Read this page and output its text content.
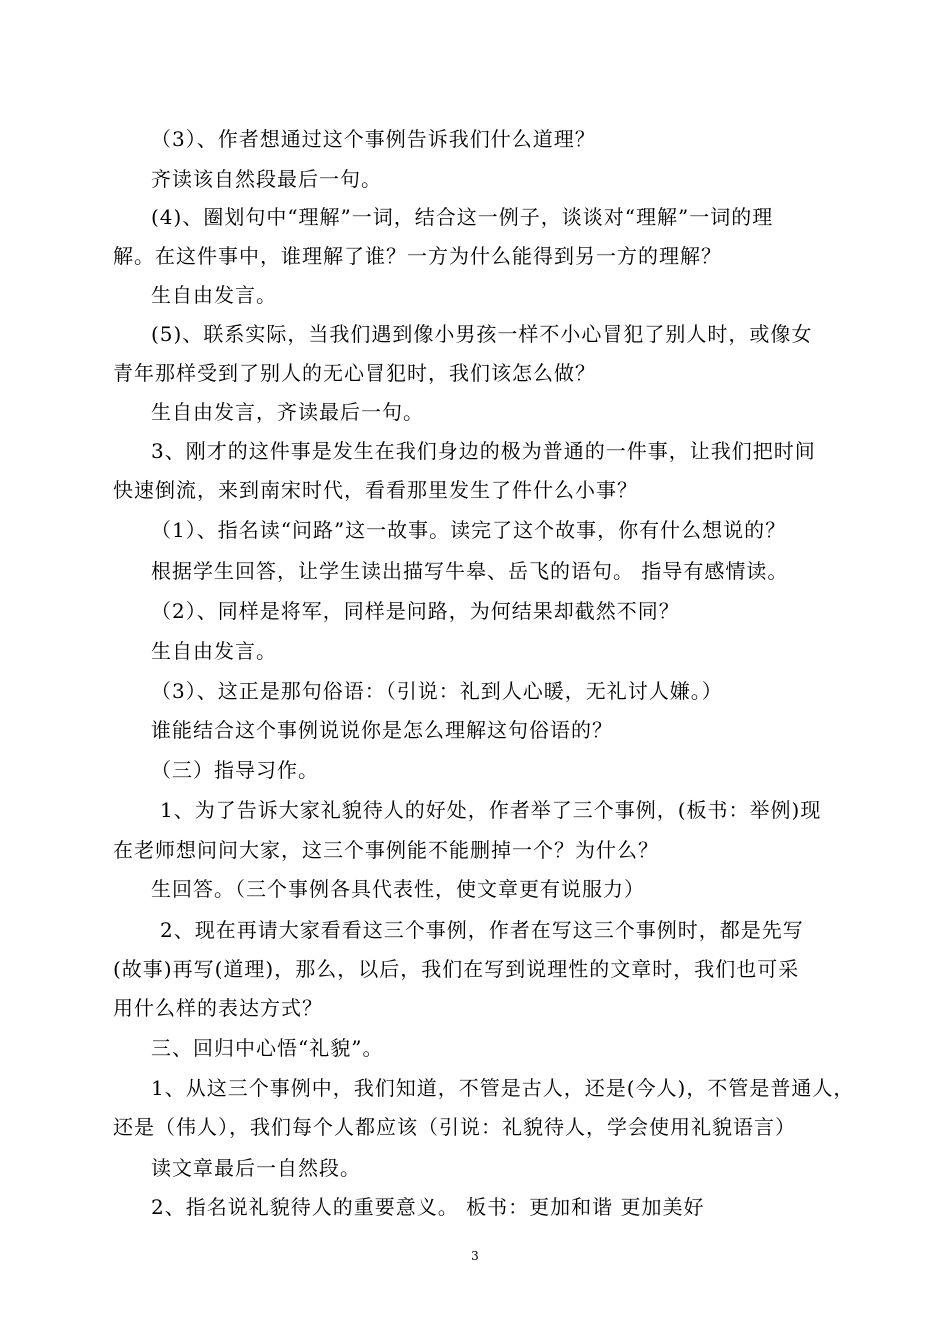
（3）、作者想通过这个事例告诉我们什么道理？
齐读该自然段最后一句。
(4)、圈划句中“理解”一词，结合这一例子，谈谈对“理解”一词的理
解。在这件事中，谁理解了谁？一方为什么能得到另一方的理解？
生自由发言。
(5)、联系实际，当我们遇到像小男孩一样不小心冒犯了别人时，或像女
青年那样受到了别人的无心冒犯时，我们该怎么做？
生自由发言，齐读最后一句。
3、刚才的这件事是发生在我们身边的极为普通的一件事，让我们把时间
快速倒流，来到南宋时代，看看那里发生了件什么小事？
（1）、指名读“问路”这一故事。读完了这个故事，你有什么想说的？
根据学生回答，让学生读出描写牛皋、岳飞的语句。 指导有感情读。
（2）、同样是将军，同样是问路，为何结果却截然不同？
生自由发言。
（3）、这正是那句俗语：（引说：礼到人心暖，无礼讨人嫌。）
谁能结合这个事例说说你是怎么理解这句俗语的？
（三）指导习作。
1、为了告诉大家礼貌待人的好处，作者举了三个事例，(板书：举例)现
在老师想问问大家，这三个事例能不能删掉一个？为什么？
生回答。（三个事例各具代表性，使文章更有说服力）
2、现在再请大家看看这三个事例，作者在写这三个事例时，都是先写
(故事)再写(道理)，那么，以后，我们在写到说理性的文章时，我们也可采
用什么样的表达方式？
三、回归中心悟“礼貌”。
1、从这三个事例中，我们知道，不管是古人，还是(今人)，不管是普通人，
还是（伟人），我们每个人都应该（引说：礼貌待人，学会使用礼貌语言）
读文章最后一自然段。
2、指名说礼貌待人的重要意义。 板书：更加和谐 更加美好
3
